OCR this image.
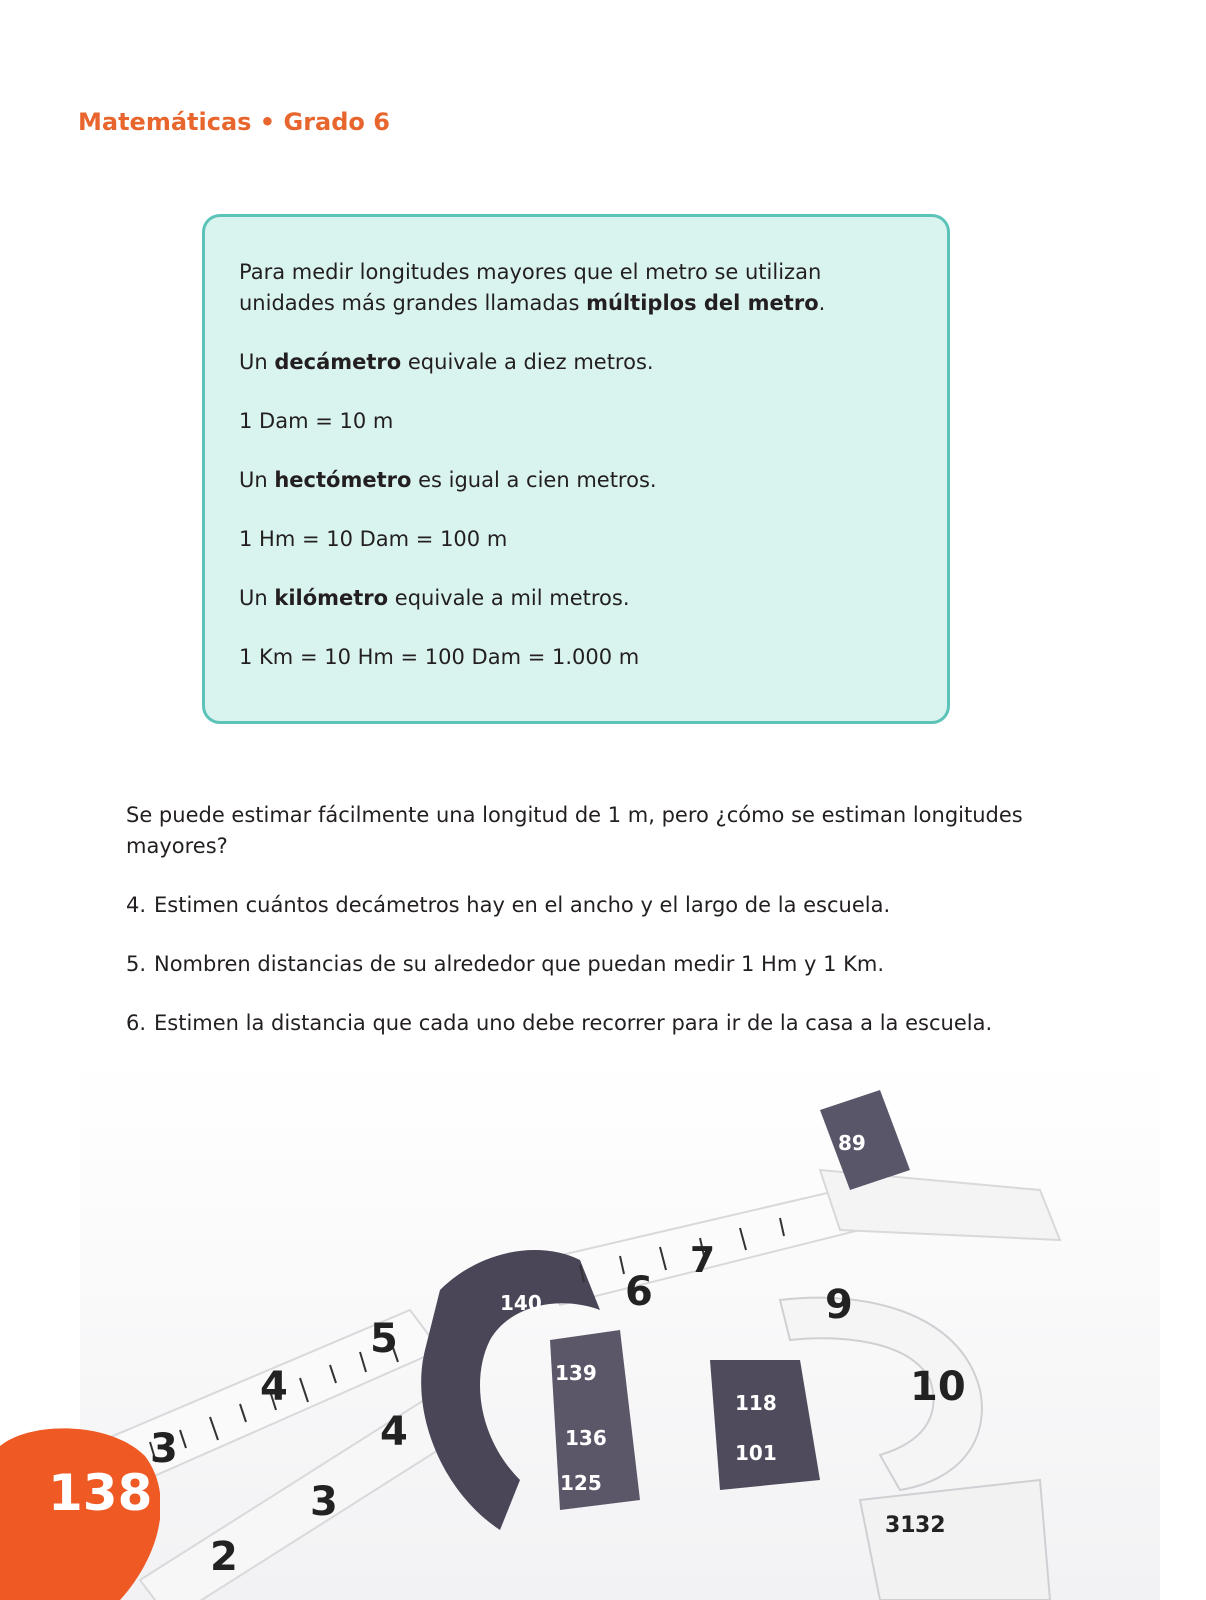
Matemáticas • Grado 6

Para medir longitudes mayores que el metro se utilizan unidades más grandes llamadas múltiplos del metro.

Un decámetro equivale a diez metros.

1 Dam = 10 m

Un hectómetro es igual a cien metros.

1 Hm = 10 Dam = 100 m

Un kilómetro equivale a mil metros.

1 Km = 10 Hm = 100 Dam = 1.000 m

Se puede estimar fácilmente una longitud de 1 m, pero ¿cómo se estiman longitudes mayores?

4. Estimen cuántos decámetros hay en el ancho y el largo de la escuela.

5. Nombren distancias de su alrededor que puedan medir 1 Hm y 1 Km.

6. Estimen la distancia que cada uno debe recorrer para ir de la casa a la escuela.

3
4
5
2
3
4
6
7
9
10
31 32
140
139
136
125
118
101
89
138
